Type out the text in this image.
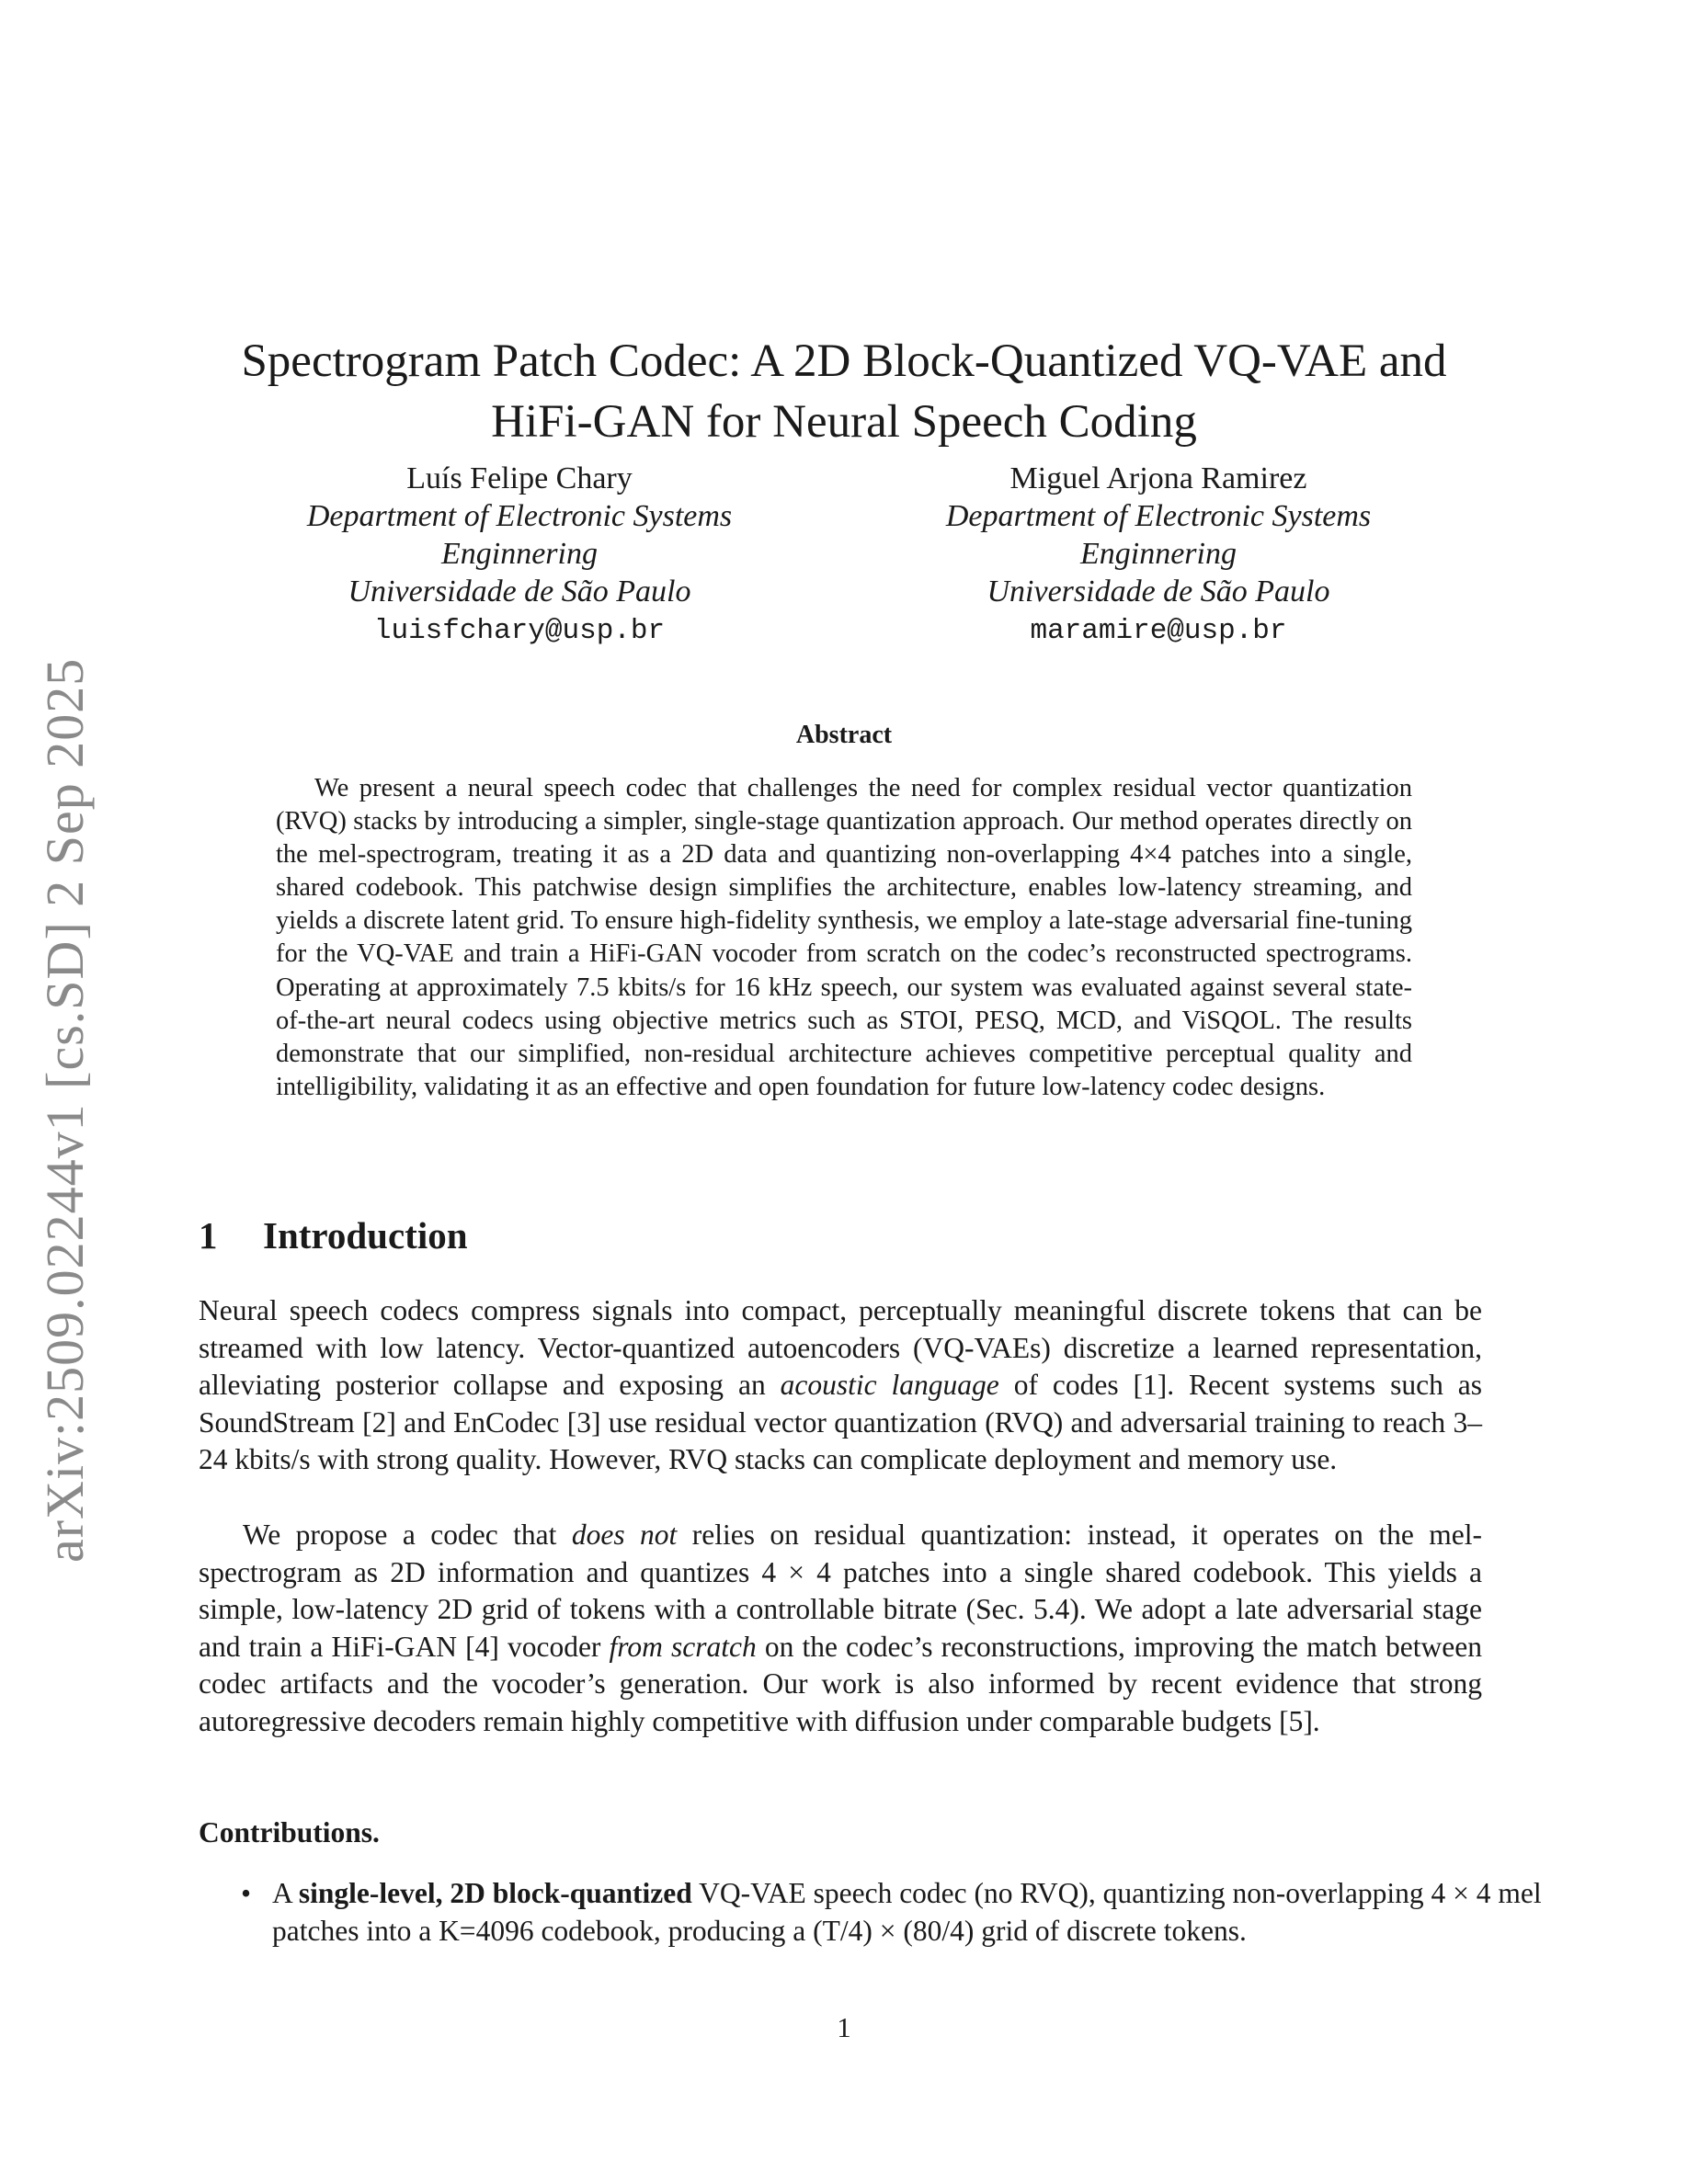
arXiv:2509.02244v1 [cs.SD] 2 Sep 2025
Spectrogram Patch Codec: A 2D Block-Quantized VQ-VAE and
HiFi-GAN for Neural Speech Coding
Luís Felipe Chary
Department of Electronic Systems
Enginnering
Universidade de São Paulo
luisfchary@usp.br
Miguel Arjona Ramirez
Department of Electronic Systems
Enginnering
Universidade de São Paulo
maramire@usp.br
Abstract

We present a neural speech codec that challenges the need for complex residual vector quantization (RVQ) stacks by introducing a simpler, single-stage quantization approach. Our method operates directly on the mel-spectrogram, treating it as a 2D data and quantizing non-overlapping 4×4 patches into a single, shared codebook. This patchwise design simplifies the architecture, enables low-latency streaming, and yields a discrete latent grid. To ensure high-fidelity synthesis, we employ a late-stage adversarial fine-tuning for the VQ-VAE and train a HiFi-GAN vocoder from scratch on the codec’s reconstructed spectrograms. Operating at approximately 7.5 kbits/s for 16 kHz speech, our system was evaluated against several state-of-the-art neural codecs using objective metrics such as STOI, PESQ, MCD, and ViSQOL. The results demonstrate that our simplified, non-residual architecture achieves competitive perceptual quality and intelligibility, validating it as an effective and open foundation for future low-latency codec designs.

1 Introduction

Neural speech codecs compress signals into compact, perceptually meaningful discrete tokens that can be streamed with low latency. Vector-quantized autoencoders (VQ-VAEs) discretize a learned representation, alleviating posterior collapse and exposing an acoustic language of codes [1]. Recent systems such as SoundStream [2] and EnCodec [3] use residual vector quantization (RVQ) and adversarial training to reach 3–24 kbits/s with strong quality. However, RVQ stacks can complicate deployment and memory use.

We propose a codec that does not relies on residual quantization: instead, it operates on the mel-spectrogram as 2D information and quantizes 4 × 4 patches into a single shared codebook. This yields a simple, low-latency 2D grid of tokens with a controllable bitrate (Sec. 5.4). We adopt a late adversarial stage and train a HiFi-GAN [4] vocoder from scratch on the codec’s reconstructions, improving the match between codec artifacts and the vocoder’s generation. Our work is also informed by recent evidence that strong autoregressive decoders remain highly competitive with diffusion under comparable budgets [5].

Contributions.
• A single-level, 2D block-quantized VQ-VAE speech codec (no RVQ), quantizing non-overlapping 4 × 4 mel patches into a K=4096 codebook, producing a (T/4) × (80/4) grid of discrete tokens.
1
